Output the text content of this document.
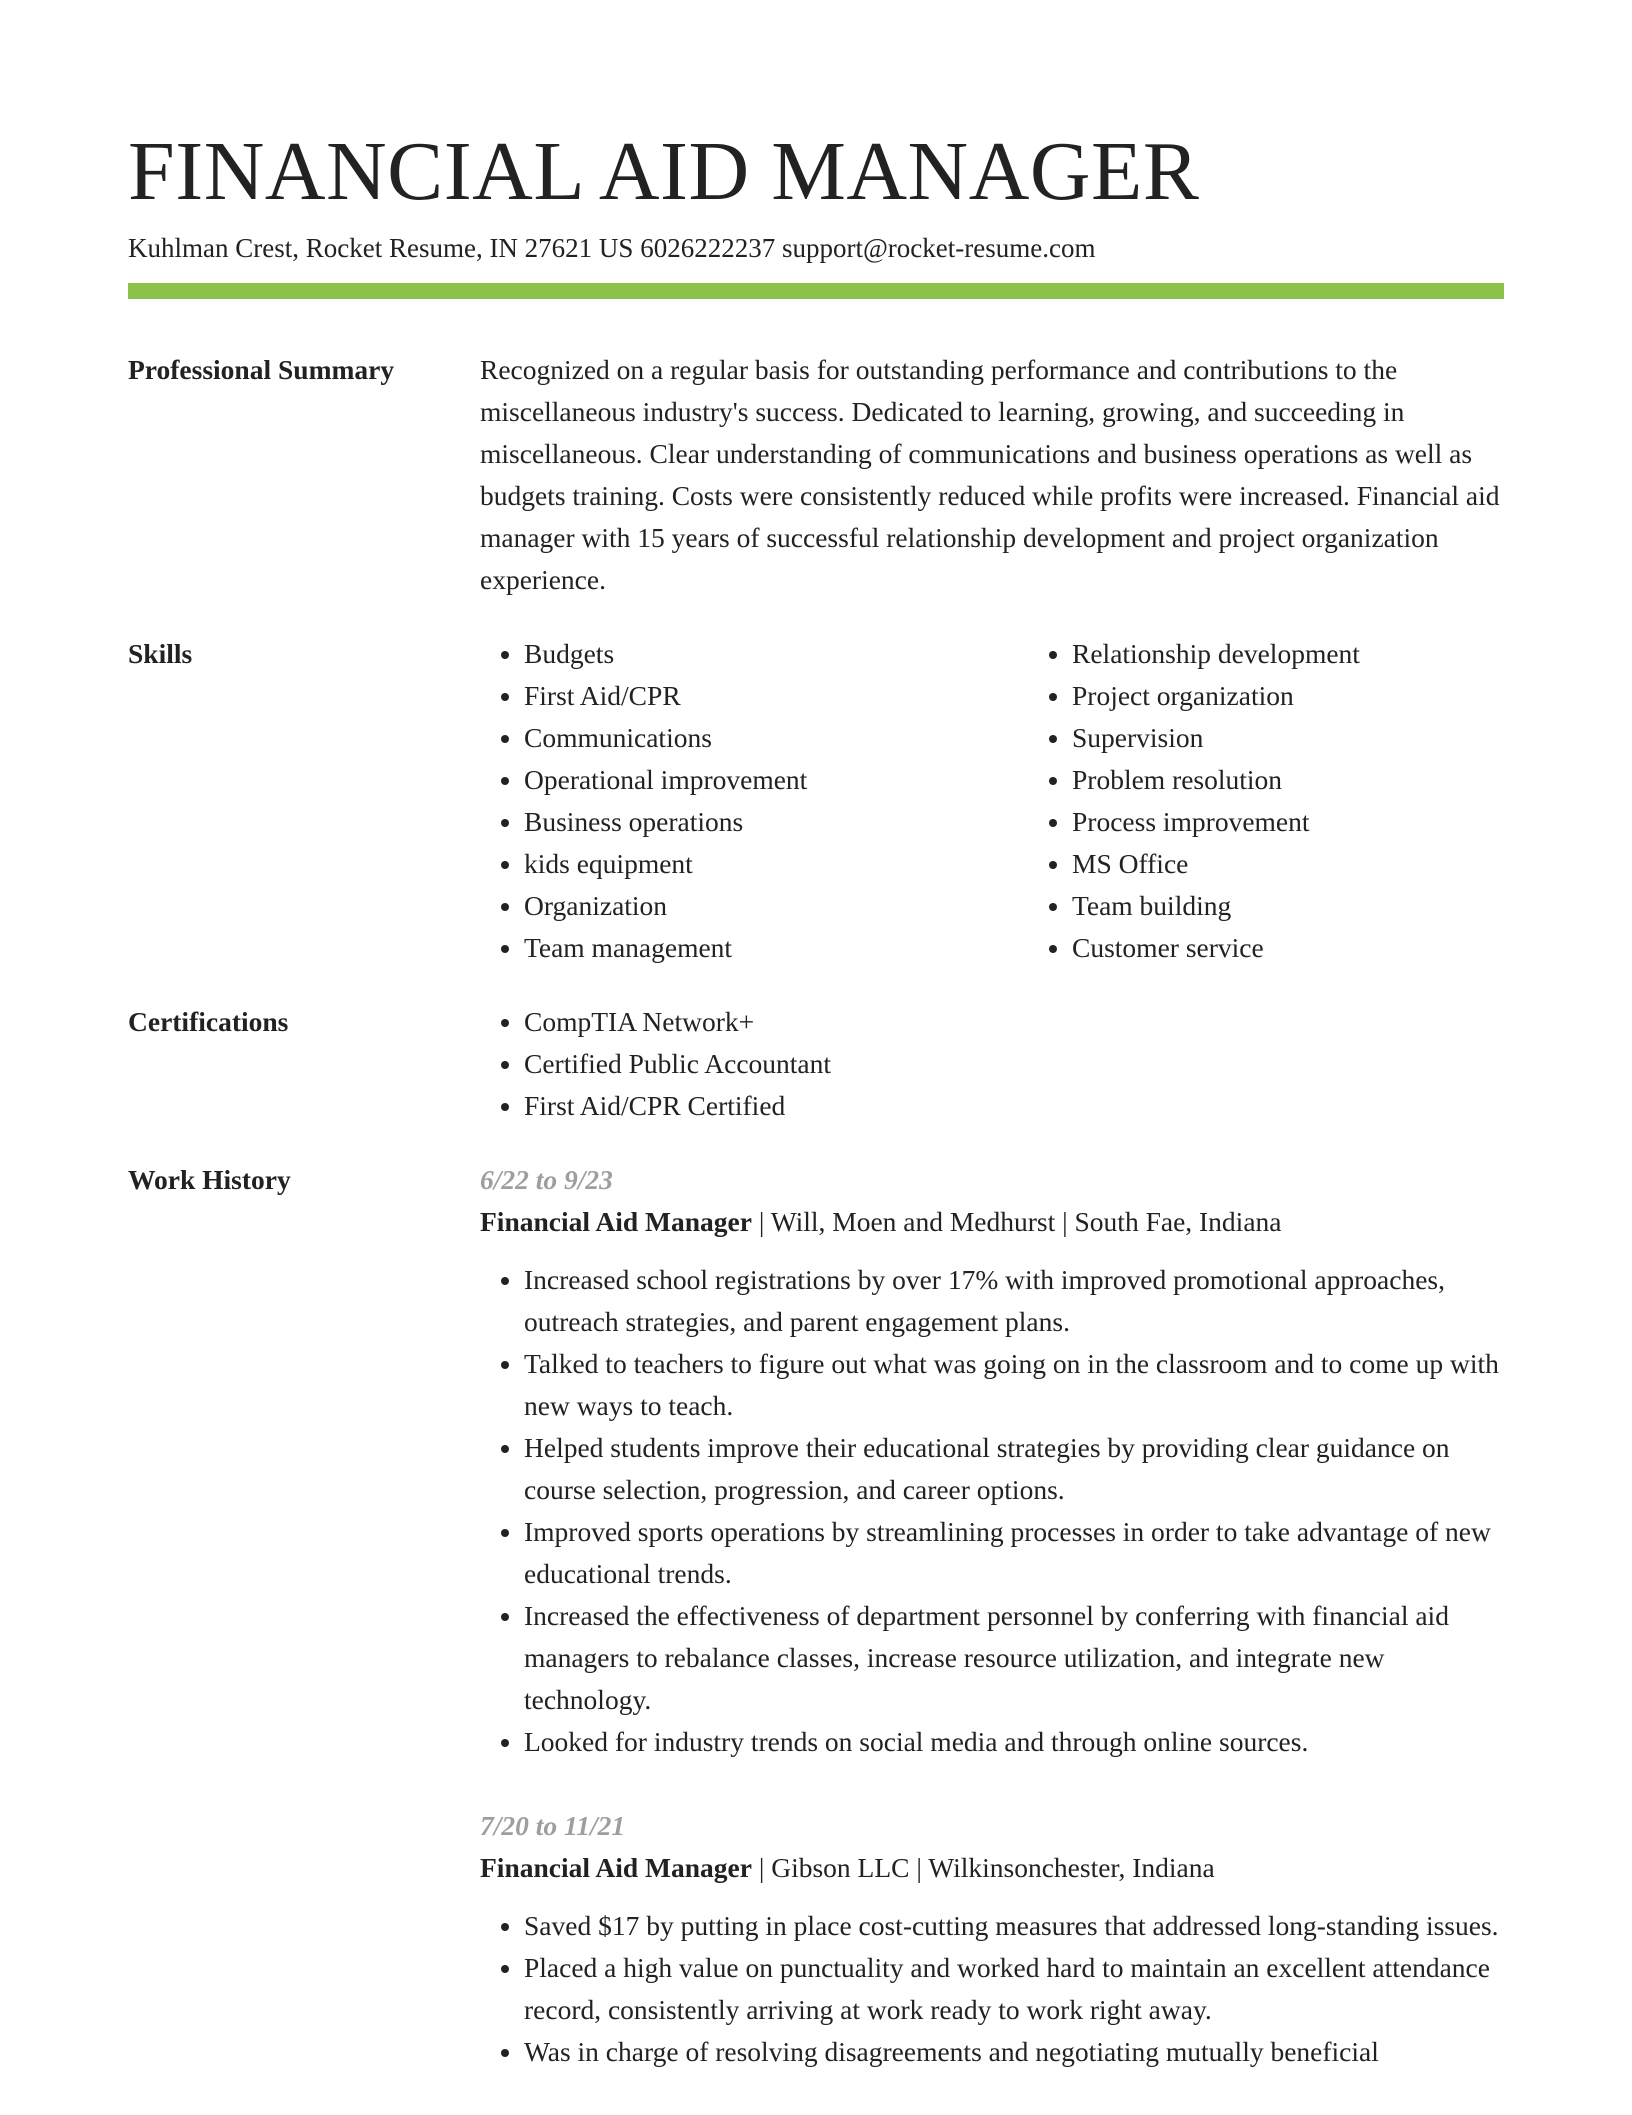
FINANCIAL AID MANAGER
Kuhlman Crest, Rocket Resume, IN 27621 US 6026222237 support@rocket-resume.com
Professional Summary	Recognized on a regular basis for outstanding performance and contributions to the miscellaneous industry's success. Dedicated to learning, growing, and succeeding in miscellaneous. Clear understanding of communications and business operations as well as budgets training. Costs were consistently reduced while profits were increased. Financial aid manager with 15 years of successful relationship development and project organization experience.
Skills	• Budgets
• First Aid/CPR
• Communications
• Operational improvement
• Business operations
• kids equipment
• Organization
• Team management
• Relationship development
• Project organization
• Supervision
• Problem resolution
• Process improvement
• MS Office
• Team building
• Customer service
Certifications	• CompTIA Network+
• Certified Public Accountant
• First Aid/CPR Certified
Work History	6/22 to 9/23
Financial Aid Manager | Will, Moen and Medhurst | South Fae, Indiana
• Increased school registrations by over 17% with improved promotional approaches, outreach strategies, and parent engagement plans.
• Talked to teachers to figure out what was going on in the classroom and to come up with new ways to teach.
• Helped students improve their educational strategies by providing clear guidance on course selection, progression, and career options.
• Improved sports operations by streamlining processes in order to take advantage of new educational trends.
• Increased the effectiveness of department personnel by conferring with financial aid managers to rebalance classes, increase resource utilization, and integrate new technology.
• Looked for industry trends on social media and through online sources.
7/20 to 11/21
Financial Aid Manager | Gibson LLC | Wilkinsonchester, Indiana
• Saved $17 by putting in place cost-cutting measures that addressed long-standing issues.
• Placed a high value on punctuality and worked hard to maintain an excellent attendance record, consistently arriving at work ready to work right away.
• Was in charge of resolving disagreements and negotiating mutually beneficial
